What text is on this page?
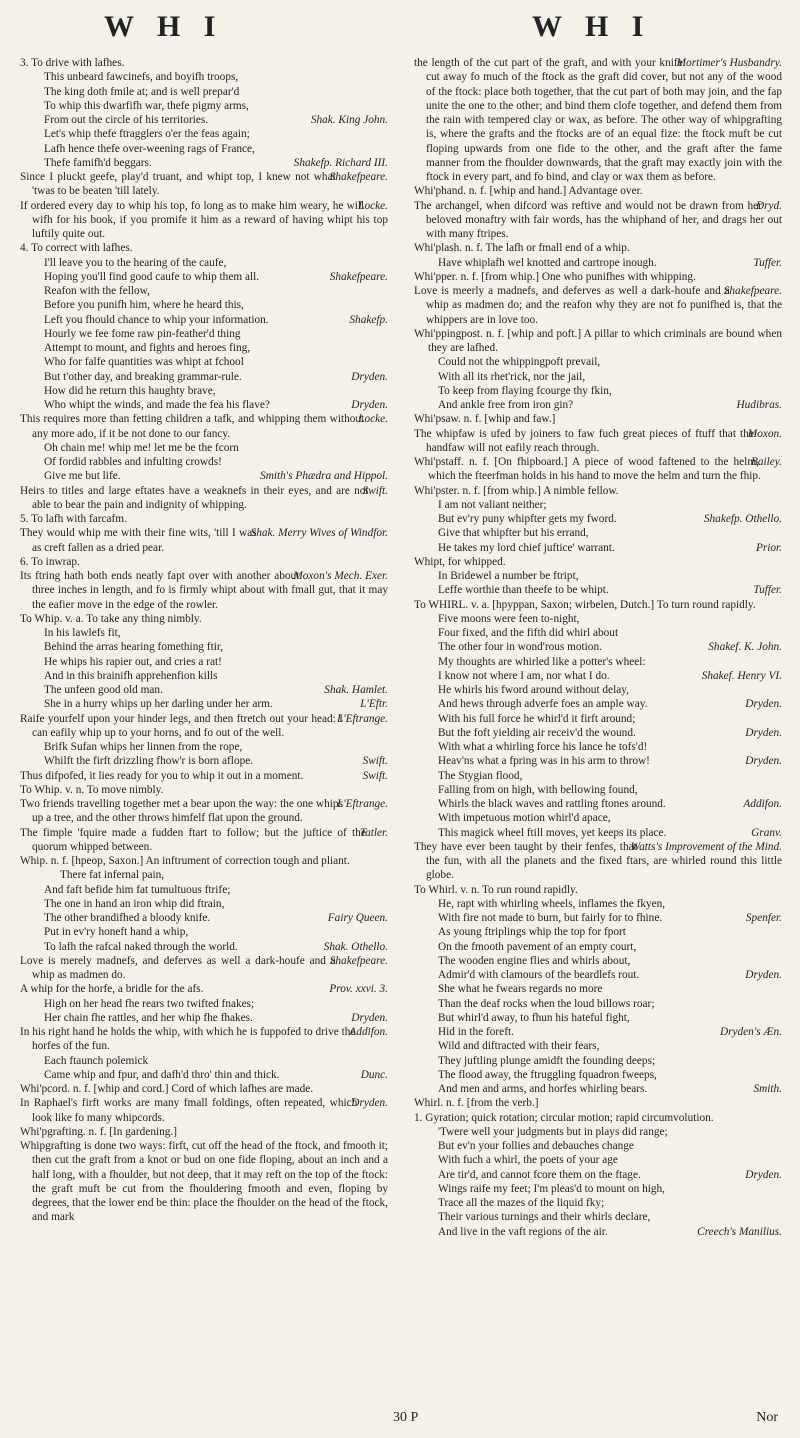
W H I	W H I

3. To drive with lafhes.

This unbeard fawcinefs, and boyifh troops,

The king doth fmile at; and is well prepar'd

To whip this dwarfifh war, thefe pigmy arms,

Shak. King John.
From out the circle of his territories.

Let's whip thefe ftragglers o'er the feas again;

Lafh hence thefe over-weening rags of France,

Shakefp. Richard III.
Thefe famifh'd beggars.

Shakefpeare.
Since I pluckt geefe, play'd truant, and whipt top, I knew not what 'twas to be beaten 'till lately.

Locke.
If ordered every day to whip his top, fo long as to make him weary, he will wifh for his book, if you promife it him as a reward of having whipt his top luftily quite out.

4. To correct with lafhes.

I'll leave you to the hearing of the caufe,

Shakefpeare.
Hoping you'll find good caufe to whip them all.

Reafon with the fellow,

Before you punifh him, where he heard this,

Shakefp.
Left you fhould chance to whip your information.

Hourly we fee fome raw pin-feather'd thing

Attempt to mount, and fights and heroes fing,

Who for falfe quantities was whipt at fchool

Dryden.
But t'other day, and breaking grammar-rule.

How did he return this haughty brave,

Dryden.
Who whipt the winds, and made the fea his flave?

Locke.
This requires more than fetting children a tafk, and whipping them without any more ado, if it be not done to our fancy.

Oh chain me! whip me! let me be the fcorn

Of fordid rabbles and infulting crowds!

Smith's Phædra and Hippol.
Give me but life.

Swift.
Heirs to titles and large eftates have a weaknefs in their eyes, and are not able to bear the pain and indignity of whipping.

5. To lafh with farcafm.

Shak. Merry Wives of Windfor.
They would whip me with their fine wits, 'till I was as creft fallen as a dried pear.

6. To inwrap.

Moxon's Mech. Exer.
Its ftring hath both ends neatly fapt over with another about three inches in length, and fo is firmly whipt about with fmall gut, that it may the eafier move in the edge of the rowler.

To Whip. v. a. To take any thing nimbly.

In his lawlefs fit,

Behind the arras hearing fomething ftir,

He whips his rapier out, and cries a rat!

And in this brainifh apprehenfion kills

Shak. Hamlet.
The unfeen good old man.

L'Eftr.
She in a hurry whips up her darling under her arm.

L'Eftrange.
Raife yourfelf upon your hinder legs, and then ftretch out your head: I can eafily whip up to your horns, and fo out of the well.

Brifk Sufan whips her linnen from the rope,

Swift.
Whilft the firft drizzling fhow'r is born aflope.

Swift.
Thus difpofed, it lies ready for you to whip it out in a moment.

To Whip. v. n. To move nimbly.

L'Eftrange.
Two friends travelling together met a bear upon the way: the one whips up a tree, and the other throws himfelf flat upon the ground.

Tatler.
The fimple 'fquire made a fudden ftart to follow; but the juftice of the quorum whipped between.

Whip. n. f. [hpeop, Saxon.] An inftrument of correction tough and pliant.

There fat infernal pain,

And faft befide him fat tumultuous ftrife;

The one in hand an iron whip did ftrain,

Fairy Queen.
The other brandifhed a bloody knife.

Put in ev'ry honeft hand a whip,

Shak. Othello.
To lafh the rafcal naked through the world.

Shakefpeare.
Love is merely madnefs, and deferves as well a dark-houfe and a whip as madmen do.

Prov. xxvi. 3.
A whip for the horfe, a bridle for the afs.

High on her head fhe rears two twifted fnakes;

Dryden.
Her chain fhe rattles, and her whip fhe fhakes.

Addifon.
In his right hand he holds the whip, with which he is fuppofed to drive the horfes of the fun.

Each ftaunch polemick

Dunc.
Came whip and fpur, and dafh'd thro' thin and thick.

Whi'pcord. n. f. [whip and cord.] Cord of which lafhes are made.

Dryden.
In Raphael's firft works are many fmall foldings, often repeated, which look like fo many whipcords.

Whi'pgrafting. n. f. [In gardening.]

Whipgrafting is done two ways: firft, cut off the head of the ftock, and fmooth it; then cut the graft from a knot or bud on one fide floping, about an inch and a half long, with a fhoulder, but not deep, that it may reft on the top of the ftock: the graft muft be cut from the fhouldering fmooth and even, floping by degrees, that the lower end be thin: place the fhoulder on the head of the ftock, and mark

Mortimer's Husbandry.
the length of the cut part of the graft, and with your knife cut away fo much of the ftock as the graft did cover, but not any of the wood of the ftock: place both together, that the cut part of both may join, and the fap unite the one to the other; and bind them clofe together, and defend them from the rain with tempered clay or wax, as before. The other way of whipgrafting is, where the grafts and the ftocks are of an equal fize: the ftock muft be cut floping upwards from one fide to the other, and the graft after the fame manner from the fhoulder downwards, that the graft may exactly join with the ftock in every part, and fo bind, and clay or wax them as before.

Whi'phand. n. f. [whip and hand.] Advantage over.

Dryd.
The archangel, when difcord was reftive and would not be drawn from her beloved monaftry with fair words, has the whiphand of her, and drags her out with many ftripes.

Whi'plash. n. f. The lafh or fmall end of a whip.

Tuffer.
Have whiplafh wel knotted and cartrope inough.

Whi'pper. n. f. [from whip.] One who punifhes with whipping.

Shakefpeare.
Love is meerly a madnefs, and deferves as well a dark-houfe and a whip as madmen do; and the reafon why they are not fo punifhed is, that the whippers are in love too.

Whi'ppingpost. n. f. [whip and poft.] A pillar to which criminals are bound when they are lafhed.

Could not the whippingpoft prevail,

With all its rhet'rick, nor the jail,

To keep from flaying fcourge thy fkin,

Hudibras.
And ankle free from iron gin?

Whi'psaw. n. f. [whip and faw.]

Moxon.
The whipfaw is ufed by joiners to faw fuch great pieces of ftuff that the handfaw will not eafily reach through.

Bailey.
Whi'pstaff. n. f. [On fhipboard.] A piece of wood faftened to the helm, which the fteerfman holds in his hand to move the helm and turn the fhip.

Whi'pster. n. f. [from whip.] A nimble fellow.

I am not valiant neither;

Shakefp. Othello.
But ev'ry puny whipfter gets my fword.

Give that whipfter but his errand,

Prior.
He takes my lord chief juftice' warrant.

Whipt, for whipped.

In Bridewel a number be ftript,

Tuffer.
Leffe worthie than theefe to be whipt.

To WHIRL. v. a. [hpyppan, Saxon; wirbelen, Dutch.] To turn round rapidly.

Five moons were feen to-night,

Four fixed, and the fifth did whirl about

Shakef. K. John.
The other four in wond'rous motion.

My thoughts are whirled like a potter's wheel:

Shakef. Henry VI.
I know not where I am, nor what I do.

He whirls his fword around without delay,

Dryden.
And hews through adverfe foes an ample way.

With his full force he whirl'd it firft around;

Dryden.
But the foft yielding air receiv'd the wound.

With what a whirling force his lance he tofs'd!

Dryden.
Heav'ns what a fpring was in his arm to throw!

The Stygian flood,

Falling from on high, with bellowing found,

Addifon.
Whirls the black waves and rattling ftones around.

With impetuous motion whirl'd apace,

Granv.
This magick wheel ftill moves, yet keeps its place.

Watts's Improvement of the Mind.
They have ever been taught by their fenfes, that the fun, with all the planets and the fixed ftars, are whirled round this little globe.

To Whirl. v. n. To run round rapidly.

He, rapt with whirling wheels, inflames the fkyen,

Spenfer.
With fire not made to burn, but fairly for to fhine.

As young ftriplings whip the top for fport

On the fmooth pavement of an empty court,

The wooden engine flies and whirls about,

Dryden.
Admir'd with clamours of the beardlefs rout.

She what he fwears regards no more

Than the deaf rocks when the loud billows roar;

But whirl'd away, to fhun his hateful fight,

Dryden's Æn.
Hid in the foreft.

Wild and diftracted with their fears,

They juftling plunge amidft the founding deeps;

The flood away, the ftruggling fquadron fweeps,

Smith.
And men and arms, and horfes whirling bears.

Whirl. n. f. [from the verb.]

1. Gyration; quick rotation; circular motion; rapid circumvolution.

'Twere well your judgments but in plays did range;

But ev'n your follies and debauches change

With fuch a whirl, the poets of your age

Dryden.
Are tir'd, and cannot fcore them on the ftage.

Wings raife my feet; I'm pleas'd to mount on high,

Trace all the mazes of the liquid fky;

Their various turnings and their whirls declare,

Creech's Manilius.
And live in the vaft regions of the air.

30 P	Nor
